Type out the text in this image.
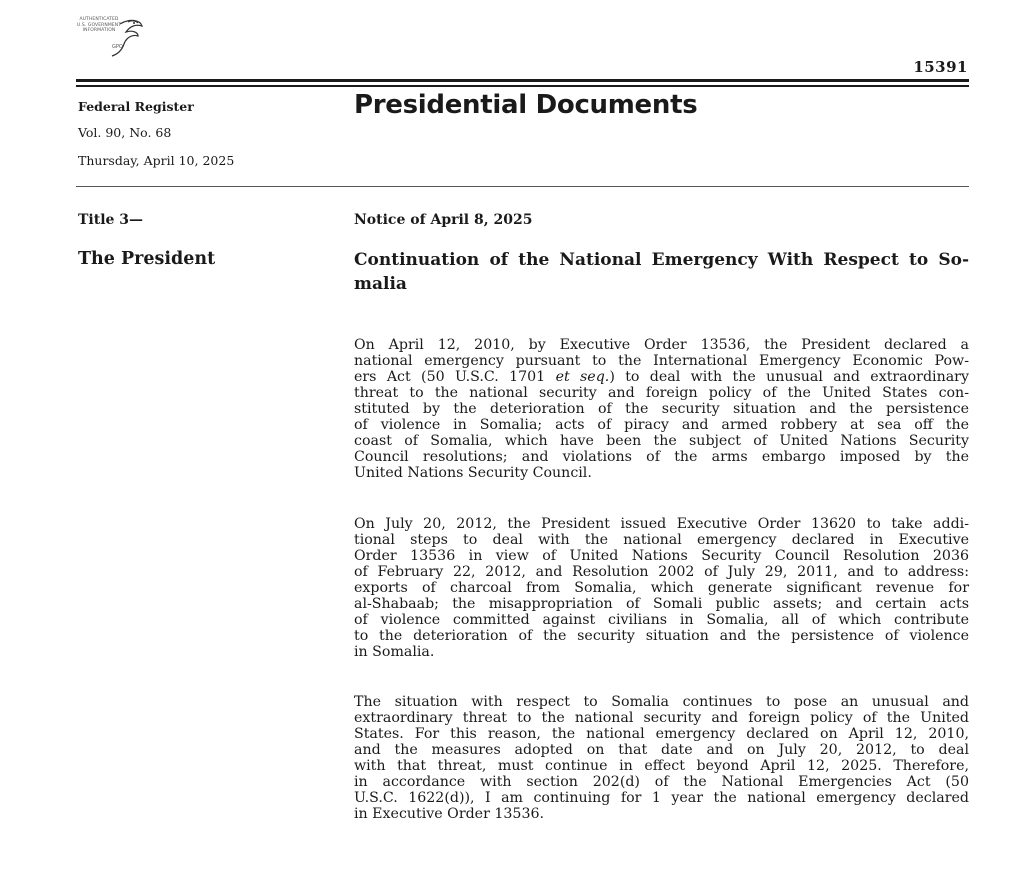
AUTHENTICATED
U.S. GOVERNMENT
INFORMATION
GPO
15391
Federal Register
Vol. 90, No. 68
Thursday, April 10, 2025
Presidential Documents
Title 3—
The President
Notice of April 8, 2025
Continuation of the National Emergency With Respect to So-
malia
On April 12, 2010, by Executive Order 13536, the President declared a
national emergency pursuant to the International Emergency Economic Pow-
ers Act (50 U.S.C. 1701 et seq.) to deal with the unusual and extraordinary
threat to the national security and foreign policy of the United States con-
stituted by the deterioration of the security situation and the persistence
of violence in Somalia; acts of piracy and armed robbery at sea off the
coast of Somalia, which have been the subject of United Nations Security
Council resolutions; and violations of the arms embargo imposed by the
United Nations Security Council.
On July 20, 2012, the President issued Executive Order 13620 to take addi-
tional steps to deal with the national emergency declared in Executive
Order 13536 in view of United Nations Security Council Resolution 2036
of February 22, 2012, and Resolution 2002 of July 29, 2011, and to address:
exports of charcoal from Somalia, which generate significant revenue for
al-Shabaab; the misappropriation of Somali public assets; and certain acts
of violence committed against civilians in Somalia, all of which contribute
to the deterioration of the security situation and the persistence of violence
in Somalia.
The situation with respect to Somalia continues to pose an unusual and
extraordinary threat to the national security and foreign policy of the United
States. For this reason, the national emergency declared on April 12, 2010,
and the measures adopted on that date and on July 20, 2012, to deal
with that threat, must continue in effect beyond April 12, 2025. Therefore,
in accordance with section 202(d) of the National Emergencies Act (50
U.S.C. 1622(d)), I am continuing for 1 year the national emergency declared
in Executive Order 13536.
